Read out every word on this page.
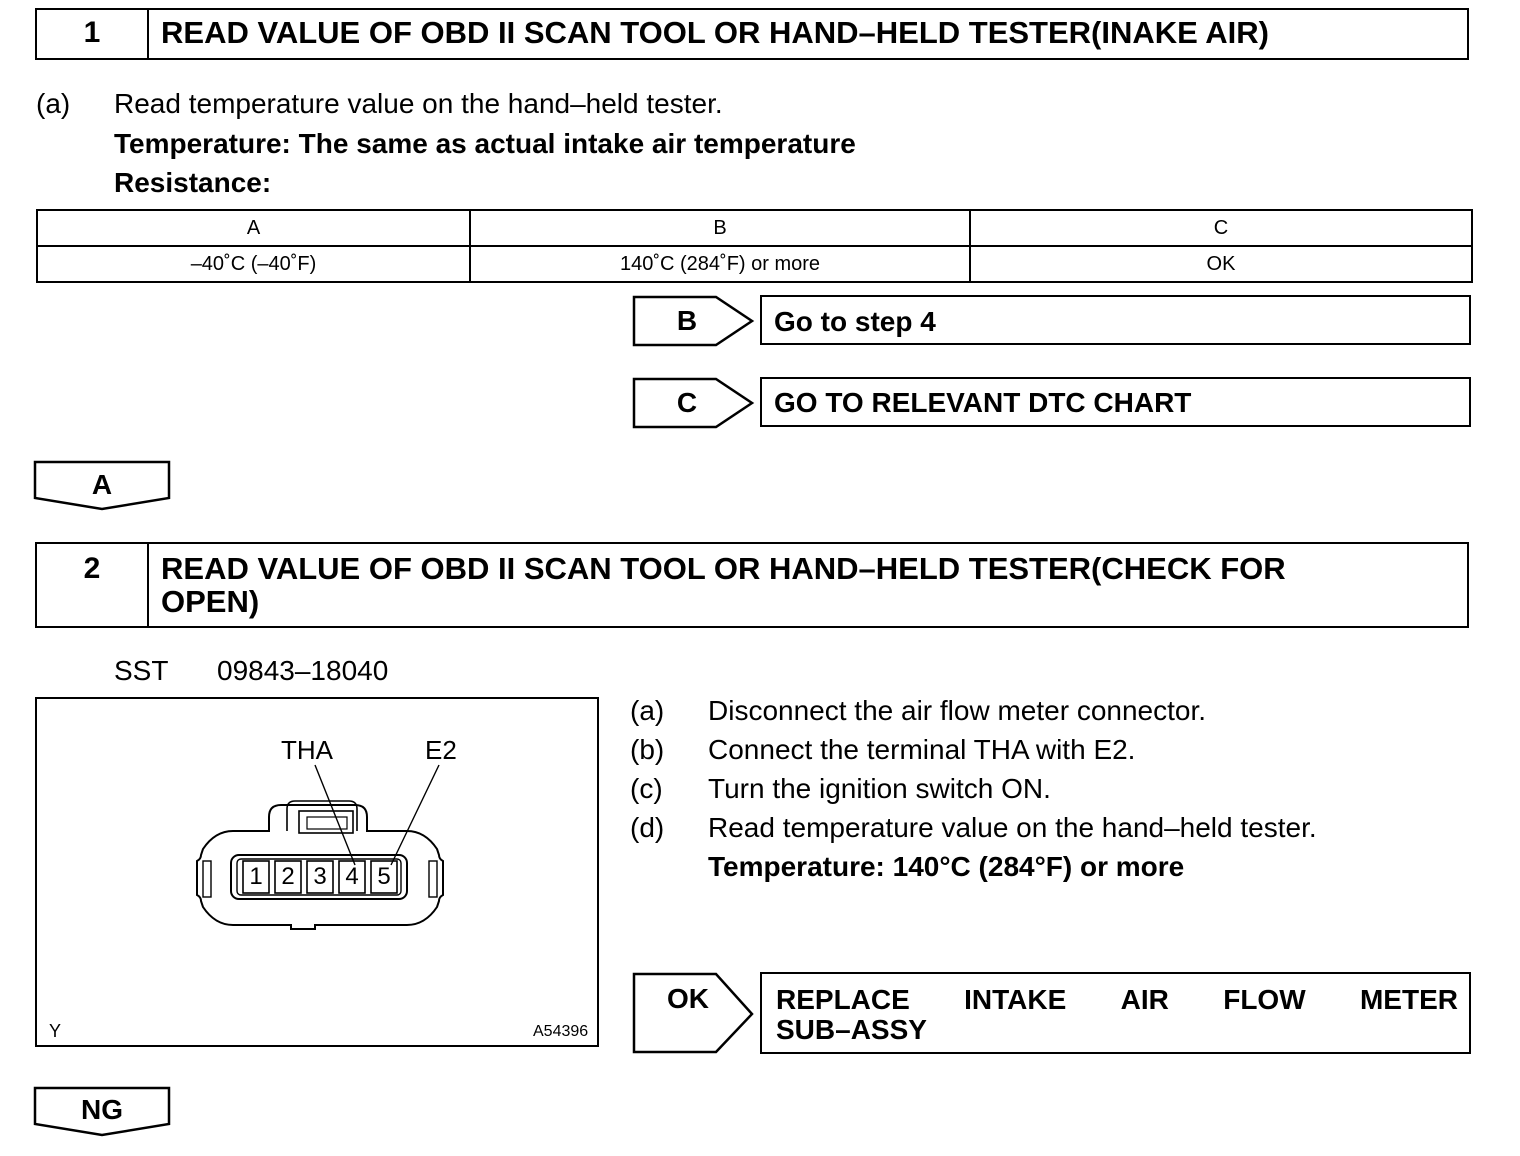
1	READ VALUE OF OBD II SCAN TOOL OR HAND–HELD TESTER(INAKE AIR)
(a) Read temperature value on the hand–held tester.
Temperature: The same as actual intake air temperature
Resistance:
A	B	C
–40˚C (–40˚F)	140˚C (284˚F) or more	OK
B	Go to step 4
C	GO TO RELEVANT DTC CHART
A
2	READ VALUE OF OBD II SCAN TOOL OR HAND–HELD TESTER(CHECK FOR
OPEN)
SST 09843–18040
1 2 3 4 5
THA	E2
Y	A54396
(a) Disconnect the air flow meter connector.
(b) Connect the terminal THA with E2.
(c) Turn the ignition switch ON.
(d) Read temperature value on the hand–held tester.
Temperature: 140°C (284°F) or more
OK	REPLACE INTAKE AIR FLOW METER
SUB–ASSY
NG
